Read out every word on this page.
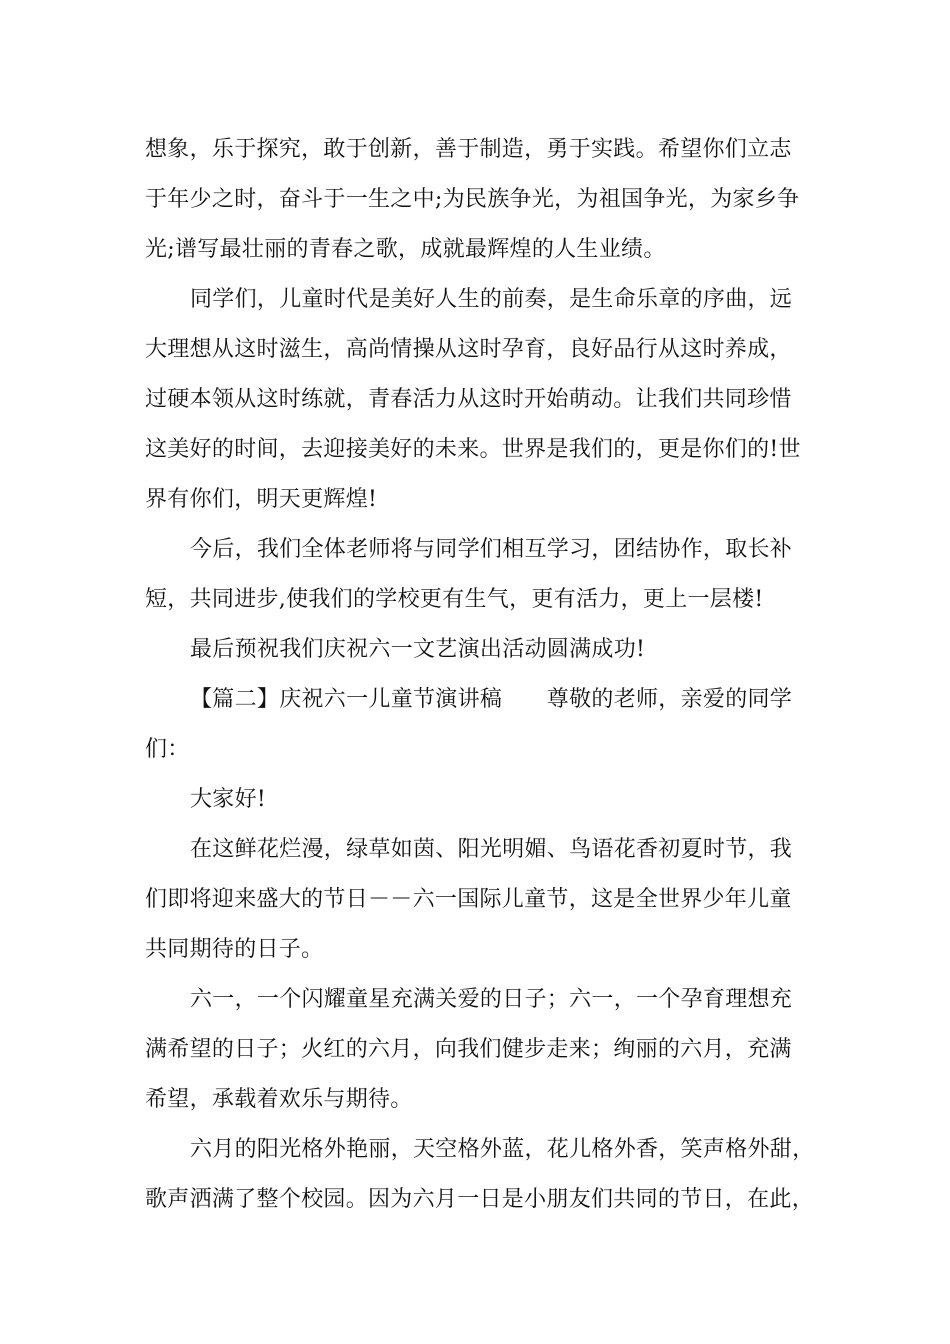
想象，乐于探究，敢于创新，善于制造，勇于实践。希望你们立志
于年少之时，奋斗于一生之中;为民族争光，为祖国争光，为家乡争
光;谱写最壮丽的青春之歌，成就最辉煌的人生业绩。
同学们，儿童时代是美好人生的前奏，是生命乐章的序曲，远
大理想从这时滋生，高尚情操从这时孕育，良好品行从这时养成，
过硬本领从这时练就，青春活力从这时开始萌动。让我们共同珍惜
这美好的时间，去迎接美好的未来。世界是我们的，更是你们的!世
界有你们，明天更辉煌!
今后，我们全体老师将与同学们相互学习，团结协作，取长补
短，共同进步,使我们的学校更有生气，更有活力，更上一层楼!
最后预祝我们庆祝六一文艺演出活动圆满成功!
【篇二】庆祝六一儿童节演讲稿　　尊敬的老师，亲爱的同学
们：
大家好!
在这鲜花烂漫，绿草如茵、阳光明媚、鸟语花香初夏时节，我
们即将迎来盛大的节日－－六一国际儿童节，这是全世界少年儿童
共同期待的日子。
六一，一个闪耀童星充满关爱的日子；六一，一个孕育理想充
满希望的日子；火红的六月，向我们健步走来；绚丽的六月，充满
希望，承载着欢乐与期待。
六月的阳光格外艳丽，天空格外蓝，花儿格外香，笑声格外甜，
歌声洒满了整个校园。因为六月一日是小朋友们共同的节日，在此，
